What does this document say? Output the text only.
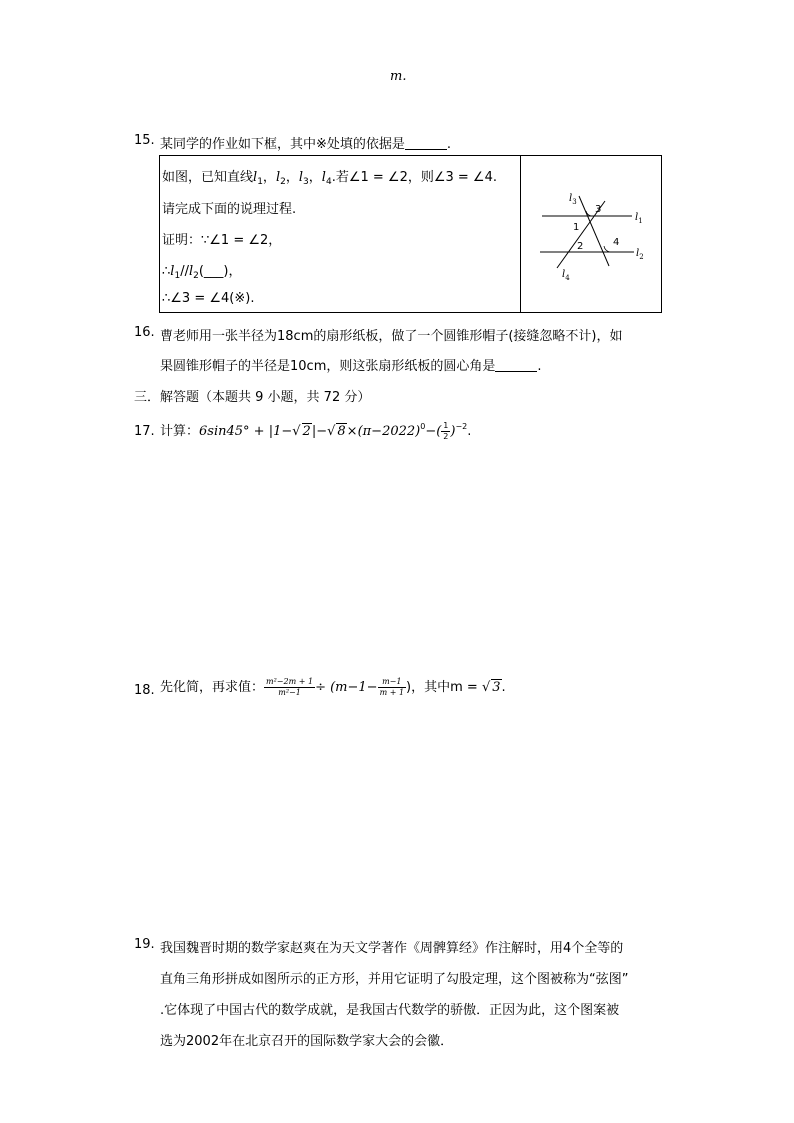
m.
15. 某同学的作业如下框，其中※处填的依据是	.
如图，已知直线$l_1$，$l_2$，$l_3$，$l_4$.若∠1 = ∠2，则∠3 = ∠4.
请完成下面的说理过程.
证明：∵∠1 = ∠2，
$\therefore l_1//l_2(\_\_\_)$，
∴∠3 = ∠4(※).
$l_3$
$l_1$
$l_2$
$l_4$
1
2
3
4
16. 曹老师用一张半径为18cm的扇形纸板，做了一个圆锥形帽子(接缝忽略不计)，如
果圆锥形帽子的半径是10cm，则这张扇形纸板的圆心角是	.
三．解答题（本题共 9 小题，共 72 分）
17. 计算：6sin45° + |1−√ 2|−√ $8\times(\pi-2022)^0-( \frac{1}{2} )^{-2}$.
18. 先化简，再求值： $\frac{\text{m²−2m + 1}}{\text{m²−1}} \div (m-1- \frac{m-1}{m + 1}$ )，其中m = √ 3.
19. 我国魏晋时期的数学家赵爽在为天文学著作《周髀算经》作注解时，用4个全等的
直角三角形拼成如图所示的正方形，并用它证明了勾股定理，这个图被称为“弦图”
.它体现了中国古代的数学成就，是我国古代数学的骄傲．正因为此，这个图案被
选为2002年在北京召开的国际数学家大会的会徽．
